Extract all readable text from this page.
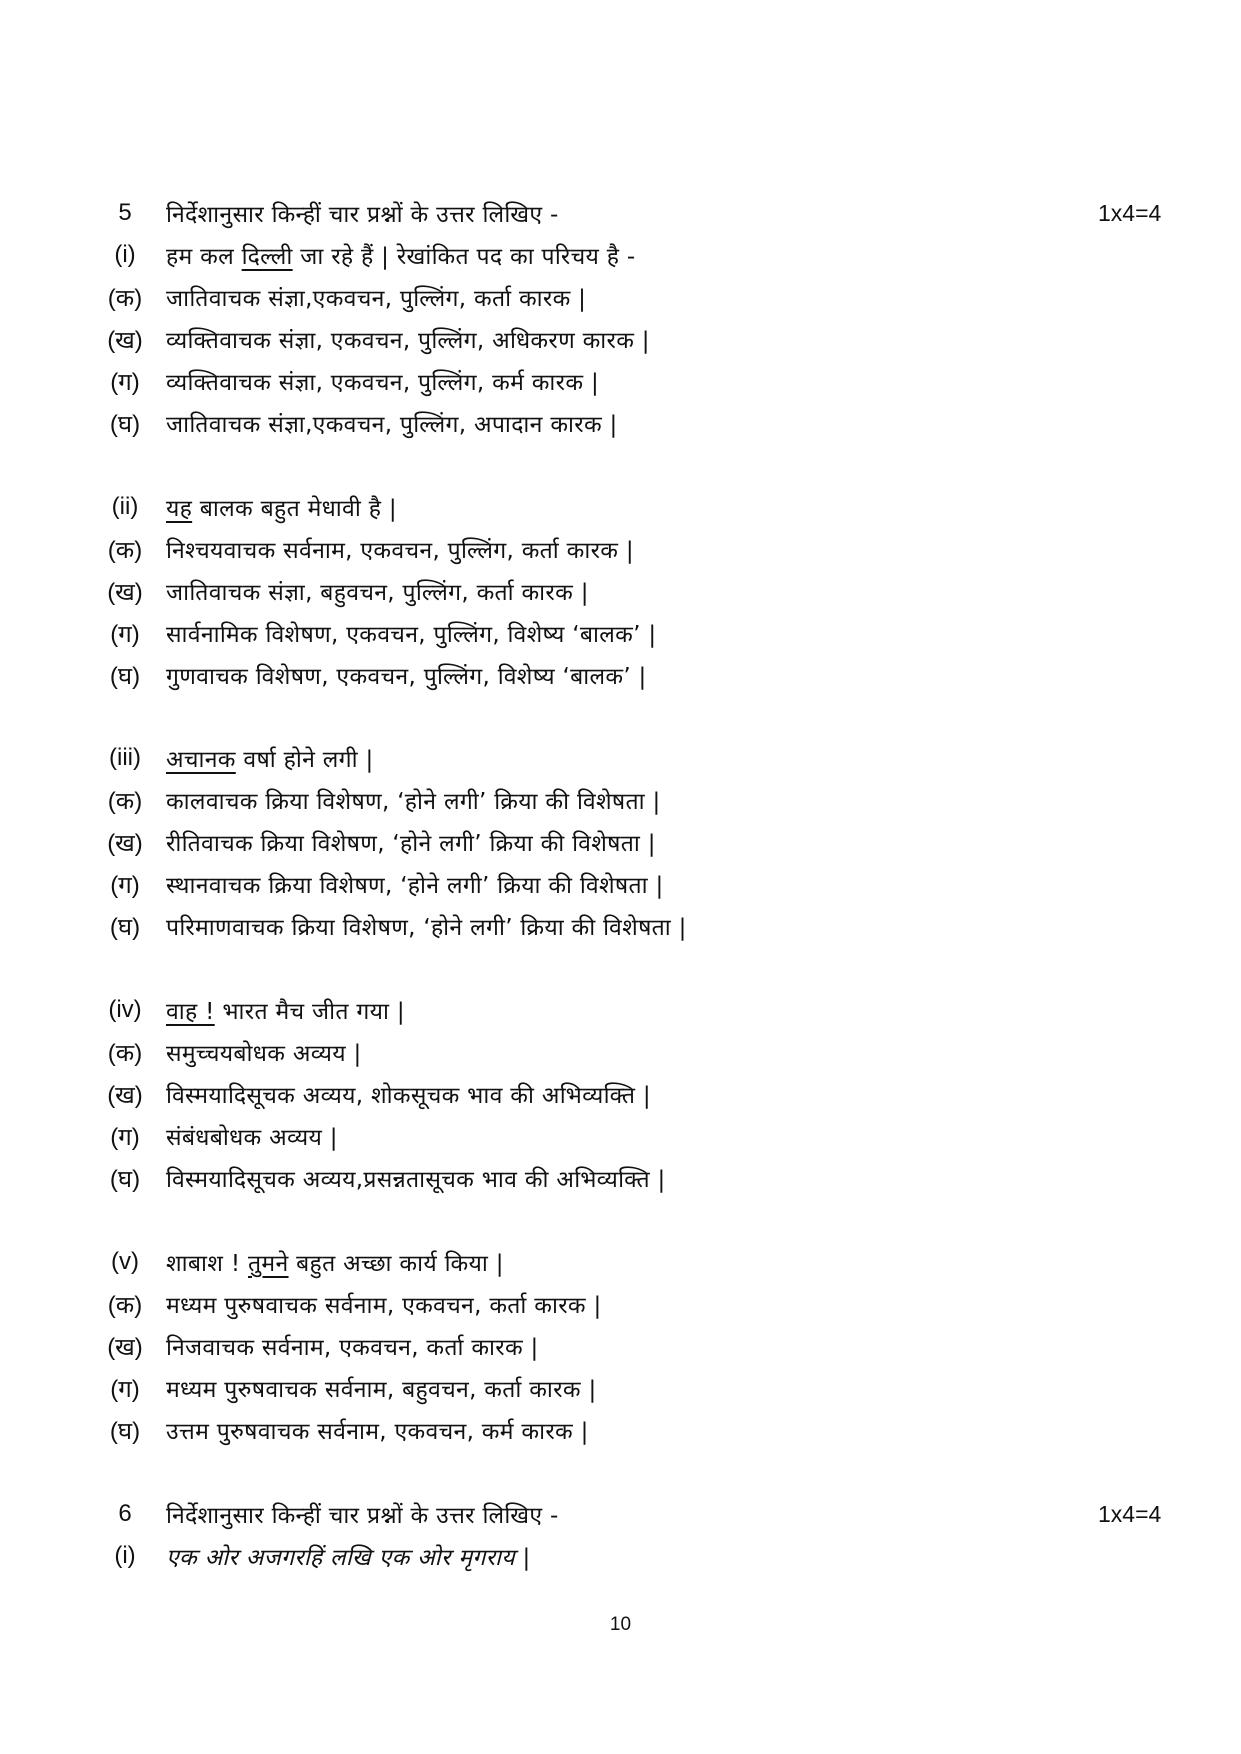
5	निर्देशानुसार किन्हीं चार प्रश्नों के उत्तर लिखिए -	1x4=4
(i)	हम कल दिल्ली जा रहे हैं | रेखांकित पद का परिचय है -
(क)	जातिवाचक संज्ञा,एकवचन, पुल्लिंग, कर्ता कारक |
(ख)	व्यक्तिवाचक संज्ञा, एकवचन, पुल्लिंग, अधिकरण कारक |
(ग)	व्यक्तिवाचक संज्ञा, एकवचन, पुल्लिंग, कर्म कारक |
(घ)	जातिवाचक संज्ञा,एकवचन, पुल्लिंग, अपादान कारक |
(ii)	यह बालक बहुत मेधावी है |
(क)	निश्चयवाचक सर्वनाम, एकवचन, पुल्लिंग, कर्ता कारक |
(ख)	जातिवाचक संज्ञा, बहुवचन, पुल्लिंग, कर्ता कारक |
(ग)	सार्वनामिक विशेषण, एकवचन, पुल्लिंग, विशेष्य ‘बालक’ |
(घ)	गुणवाचक विशेषण, एकवचन, पुल्लिंग, विशेष्य ‘बालक’ |
(iii)	अचानक वर्षा होने लगी |
(क)	कालवाचक क्रिया विशेषण, ‘होने लगी’ क्रिया की विशेषता |
(ख)	रीतिवाचक क्रिया विशेषण, ‘होने लगी’ क्रिया की विशेषता |
(ग)	स्थानवाचक क्रिया विशेषण, ‘होने लगी’ क्रिया की विशेषता |
(घ)	परिमाणवाचक क्रिया विशेषण, ‘होने लगी’ क्रिया की विशेषता |
(iv)	वाह ! भारत मैच जीत गया |
(क)	समुच्चयबोधक अव्यय |
(ख)	विस्मयादिसूचक अव्यय, शोकसूचक भाव की अभिव्यक्ति |
(ग)	संबंधबोधक अव्यय |
(घ)	विस्मयादिसूचक अव्यय,प्रसन्नतासूचक भाव की अभिव्यक्ति |
(v)	शाबाश ! तुमने बहुत अच्छा कार्य किया |
(क)	मध्यम पुरुषवाचक सर्वनाम, एकवचन, कर्ता कारक |
(ख)	निजवाचक सर्वनाम, एकवचन, कर्ता कारक |
(ग)	मध्यम पुरुषवाचक सर्वनाम, बहुवचन, कर्ता कारक |
(घ)	उत्तम पुरुषवाचक सर्वनाम, एकवचन, कर्म कारक |
6	निर्देशानुसार किन्हीं चार प्रश्नों के उत्तर लिखिए -	1x4=4
(i)	एक ओर अजगरहिं लखि एक ओर मृगराय |
10
